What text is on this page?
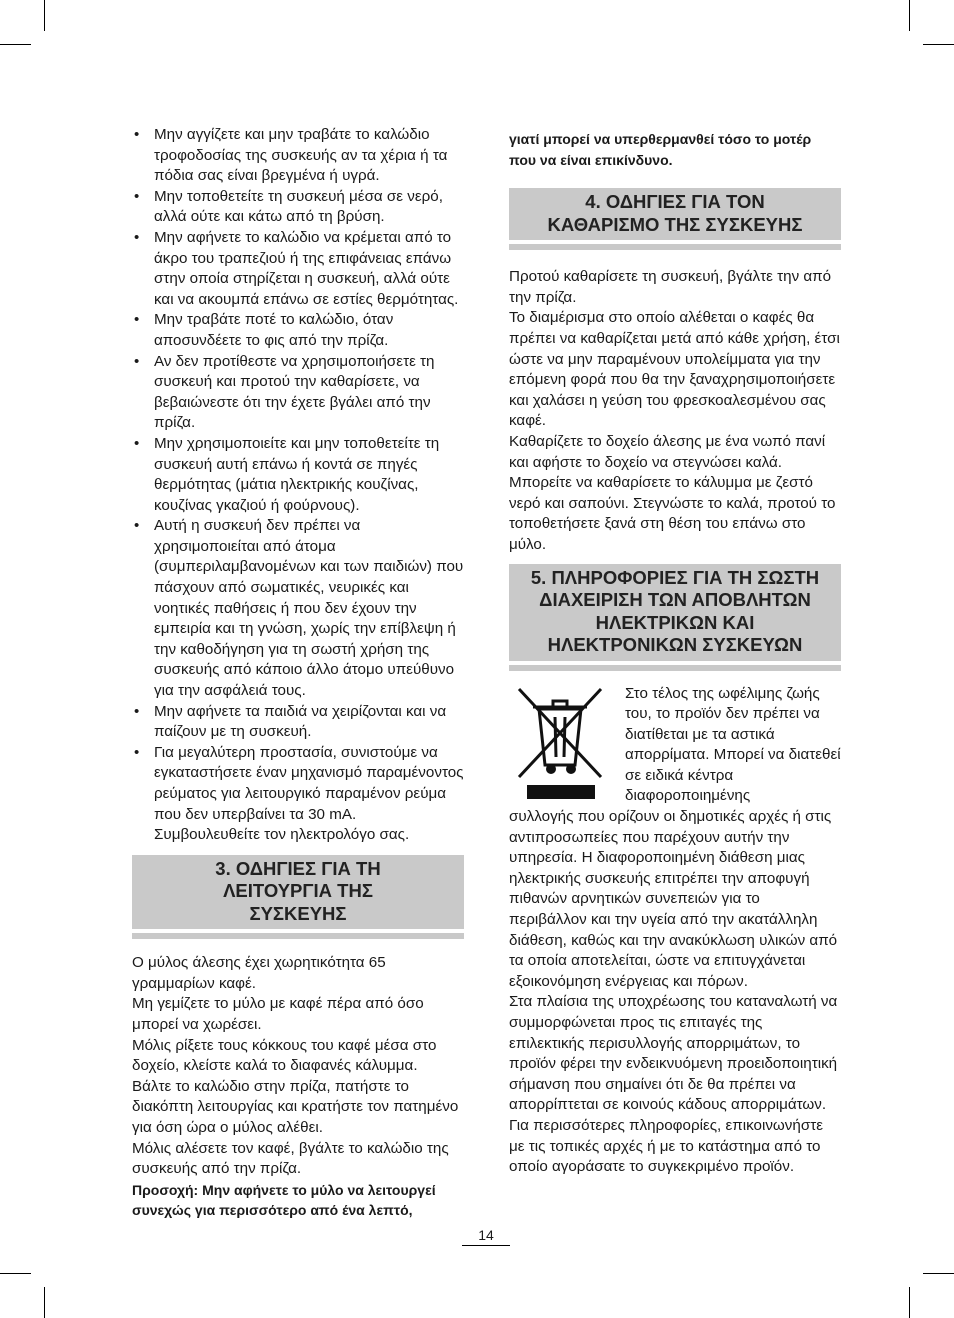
• Μην αγγίζετε και μην τραβάτε το καλώδιο τροφοδοσίας της συσκευής αν τα χέρια ή τα πόδια σας είναι βρεγμένα ή υγρά.
• Μην τοποθετείτε τη συσκευή μέσα σε νερό, αλλά ούτε και κάτω από τη βρύση.
• Μην αφήνετε το καλώδιο να κρέμεται από το άκρο του τραπεζιού ή της επιφάνειας επάνω στην οποία στηρίζεται η συσκευή, αλλά ούτε και να ακουμπά επάνω σε εστίες θερμότητας.
• Μην τραβάτε ποτέ το καλώδιο, όταν αποσυνδέετε το φις από την πρίζα.
• Αν δεν προτίθεστε να χρησιμοποιήσετε τη συσκευή και προτού την καθαρίσετε, να βεβαιώνεστε ότι την έχετε βγάλει από την πρίζα.
• Μην χρησιμοποιείτε και μην τοποθετείτε τη συσκευή αυτή επάνω ή κοντά σε πηγές θερμότητας (μάτια ηλεκτρικής κουζίνας, κουζίνας γκαζιού ή φούρνους).
• Αυτή η συσκευή δεν πρέπει να χρησιμοποιείται από άτομα (συμπεριλαμβανομένων και των παιδιών) που πάσχουν από σωματικές, νευρικές και νοητικές παθήσεις ή που δεν έχουν την εμπειρία και τη γνώση, χωρίς την επίβλεψη ή την καθοδήγηση για τη σωστή χρήση της συσκευής από κάποιο άλλο άτομο υπεύθυνο για την ασφάλειά τους.
• Μην αφήνετε τα παιδιά να χειρίζονται και να παίζουν με τη συσκευή.
• Για μεγαλύτερη προστασία, συνιστούμε να εγκαταστήσετε έναν μηχανισμό παραμένοντος ρεύματος για λειτουργικό παραμένον ρεύμα που δεν υπερβαίνει τα 30 mA. Συμβουλευθείτε τον ηλεκτρολόγο σας.
3. ΟΔΗΓΙΕΣ ΓΙΑ ΤΗ ΛΕΙΤΟΥΡΓΙΑ ΤΗΣ ΣΥΣΚΕΥΗΣ

Ο μύλος άλεσης έχει χωρητικότητα 65 γραμμαρίων καφέ.

Μη γεμίζετε το μύλο με καφέ πέρα από όσο μπορεί να χωρέσει.

Μόλις ρίξετε τους κόκκους του καφέ μέσα στο δοχείο, κλείστε καλά το διαφανές κάλυμμα.

Βάλτε το καλώδιο στην πρίζα, πατήστε το διακόπτη λειτουργίας και κρατήστε τον πατημένο για όση ώρα ο μύλος αλέθει.

Μόλις αλέσετε τον καφέ, βγάλτε το καλώδιο της συσκευής από την πρίζα.

Προσοχή: Μην αφήνετε το μύλο να λειτουργεί συνεχώς για περισσότερο από ένα λεπτό,

γιατί μπορεί να υπερθερμανθεί τόσο το μοτέρ που να είναι επικίνδυνο.

4. ΟΔΗΓΙΕΣ ΓΙΑ ΤΟΝ ΚΑΘΑΡΙΣΜΟ ΤΗΣ ΣΥΣΚΕΥΗΣ

Προτού καθαρίσετε τη συσκευή, βγάλτε την από την πρίζα.

Το διαμέρισμα στο οποίο αλέθεται ο καφές θα πρέπει να καθαρίζεται μετά από κάθε χρήση, έτσι ώστε να μην παραμένουν υπολείμματα για την επόμενη φορά που θα την ξαναχρησιμοποιήσετε και χαλάσει η γεύση του φρεσκοαλεσμένου σας καφέ.

Καθαρίζετε το δοχείο άλεσης με ένα νωπό πανί και αφήστε το δοχείο να στεγνώσει καλά. Μπορείτε να καθαρίσετε το κάλυμμα με ζεστό νερό και σαπούνι. Στεγνώστε το καλά, προτού το τοποθετήσετε ξανά στη θέση του επάνω στο μύλο.

5. ΠΛΗΡΟΦΟΡΙΕΣ ΓΙΑ ΤΗ ΣΩΣΤΗ ΔΙΑΧΕΙΡΙΣΗ ΤΩΝ ΑΠΟΒΛΗΤΩΝ ΗΛΕΚΤΡΙΚΩΝ ΚΑΙ ΗΛΕΚΤΡΟΝΙΚΩΝ ΣΥΣΚΕΥΩΝ

Στο τέλος της ωφέλιμης ζωής του, το προϊόν δεν πρέπει να διατίθεται με τα αστικά απορρίματα. Μπορεί να διατεθεί σε ειδικά κέντρα διαφοροποιημένης

συλλογής που ορίζουν οι δημοτικές αρχές ή στις αντιπροσωπείες που παρέχουν αυτήν την υπηρεσία. Η διαφοροποιημένη διάθεση μιας ηλεκτρικής συσκευής επιτρέπει την αποφυγή πιθανών αρνητικών συνεπειών για το περιβάλλον και την υγεία από την ακατάλληλη διάθεση, καθώς και την ανακύκλωση υλικών από τα οποία αποτελείται, ώστε να επιτυγχάνεται εξοικονόμηση ενέργειας και πόρων.

Στα πλαίσια της υποχρέωσης του καταναλωτή να συμμορφώνεται προς τις επιταγές της επιλεκτικής περισυλλογής απορριμάτων, το προϊόν φέρει την ενδεικνυόμενη προειδοποιητική σήμανση που σημαίνει ότι δε θα πρέπει να απορρίπτεται σε κοινούς κάδους απορριμάτων.

Για περισσότερες πληροφορίες, επικοινωνήστε με τις τοπικές αρχές ή με το κατάστημα από το οποίο αγοράσατε το συγκεκριμένο προϊόν.

14
